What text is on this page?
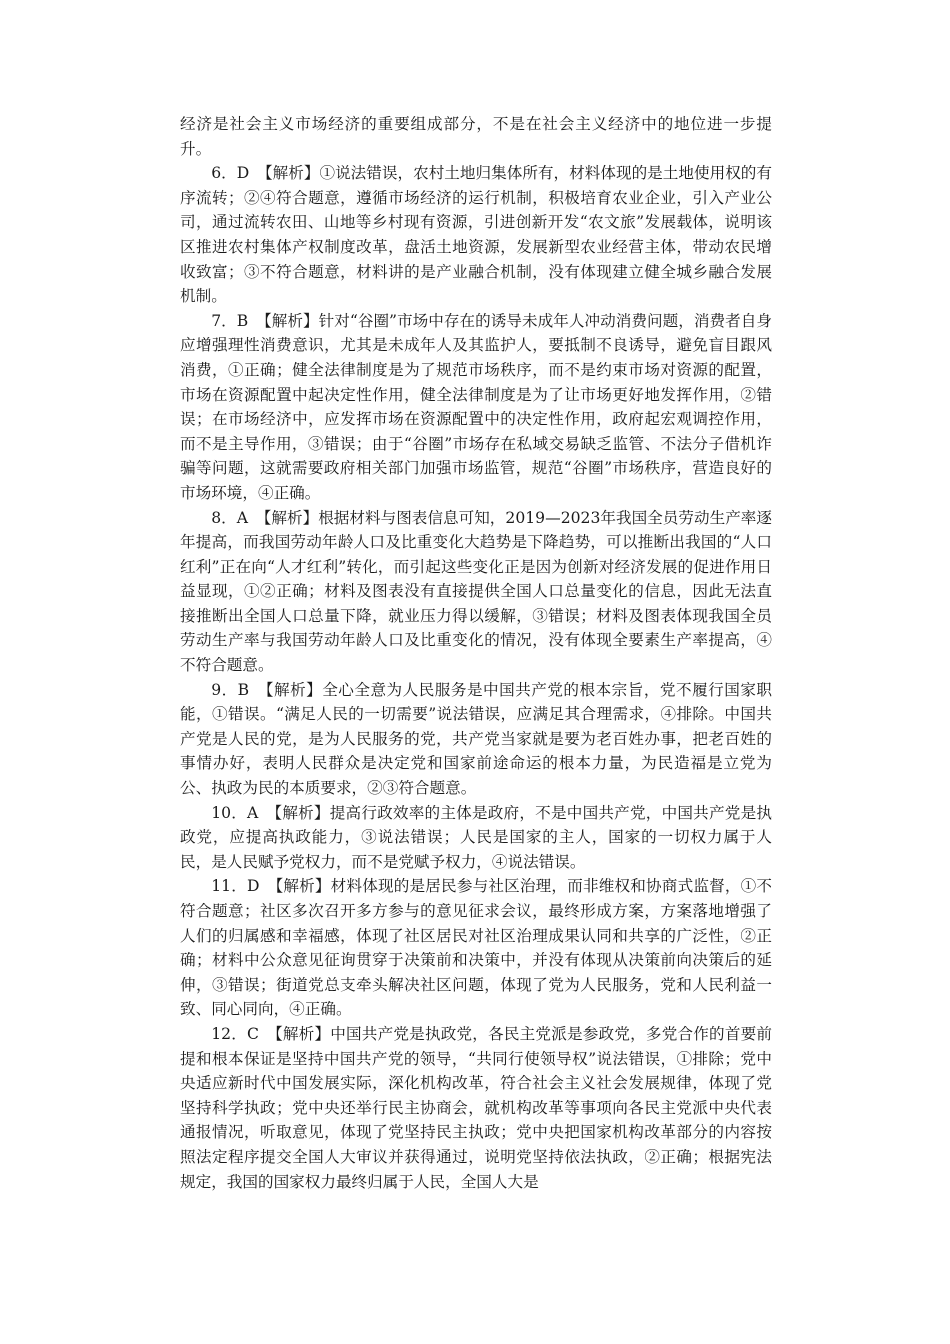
经济是社会主义市场经济的重要组成部分，不是在社会主义经济中的地位进一步提升。

6．D　【解析】①说法错误，农村土地归集体所有，材料体现的是土地使用权的有序流转；②④符合题意，遵循市场经济的运行机制，积极培育农业企业，引入产业公司，通过流转农田、山地等乡村现有资源，引进创新开发“农文旅”发展载体，说明该区推进农村集体产权制度改革，盘活土地资源，发展新型农业经营主体，带动农民增收致富；③不符合题意，材料讲的是产业融合机制，没有体现建立健全城乡融合发展机制。

7．B　【解析】针对“谷圈”市场中存在的诱导未成年人冲动消费问题，消费者自身应增强理性消费意识，尤其是未成年人及其监护人，要抵制不良诱导，避免盲目跟风消费，①正确；健全法律制度是为了规范市场秩序，而不是约束市场对资源的配置，市场在资源配置中起决定性作用，健全法律制度是为了让市场更好地发挥作用，②错误；在市场经济中，应发挥市场在资源配置中的决定性作用，政府起宏观调控作用，而不是主导作用，③错误；由于“谷圈”市场存在私域交易缺乏监管、不法分子借机诈骗等问题，这就需要政府相关部门加强市场监管，规范“谷圈”市场秩序，营造良好的市场环境，④正确。

8．A　【解析】根据材料与图表信息可知，2019—2023年我国全员劳动生产率逐年提高，而我国劳动年龄人口及比重变化大趋势是下降趋势，可以推断出我国的“人口红利”正在向“人才红利”转化，而引起这些变化正是因为创新对经济发展的促进作用日益显现，①②正确；材料及图表没有直接提供全国人口总量变化的信息，因此无法直接推断出全国人口总量下降，就业压力得以缓解，③错误；材料及图表体现我国全员劳动生产率与我国劳动年龄人口及比重变化的情况，没有体现全要素生产率提高，④不符合题意。

9．B　【解析】全心全意为人民服务是中国共产党的根本宗旨，党不履行国家职能，①错误。“满足人民的一切需要”说法错误，应满足其合理需求，④排除。中国共产党是人民的党，是为人民服务的党，共产党当家就是要为老百姓办事，把老百姓的事情办好，表明人民群众是决定党和国家前途命运的根本力量，为民造福是立党为公、执政为民的本质要求，②③符合题意。

10．A　【解析】提高行政效率的主体是政府，不是中国共产党，中国共产党是执政党，应提高执政能力，③说法错误；人民是国家的主人，国家的一切权力属于人民，是人民赋予党权力，而不是党赋予权力，④说法错误。

11．D　【解析】材料体现的是居民参与社区治理，而非维权和协商式监督，①不符合题意；社区多次召开多方参与的意见征求会议，最终形成方案，方案落地增强了人们的归属感和幸福感，体现了社区居民对社区治理成果认同和共享的广泛性，②正确；材料中公众意见征询贯穿于决策前和决策中，并没有体现从决策前向决策后的延伸，③错误；街道党总支牵头解决社区问题，体现了党为人民服务，党和人民利益一致、同心同向，④正确。

12．C　【解析】中国共产党是执政党，各民主党派是参政党，多党合作的首要前提和根本保证是坚持中国共产党的领导，“共同行使领导权”说法错误，①排除；党中央适应新时代中国发展实际，深化机构改革，符合社会主义社会发展规律，体现了党坚持科学执政；党中央还举行民主协商会，就机构改革等事项向各民主党派中央代表通报情况，听取意见，体现了党坚持民主执政；党中央把国家机构改革部分的内容按照法定程序提交全国人大审议并获得通过，说明党坚持依法执政，②正确；根据宪法规定，我国的国家权力最终归属于人民，全国人大是
